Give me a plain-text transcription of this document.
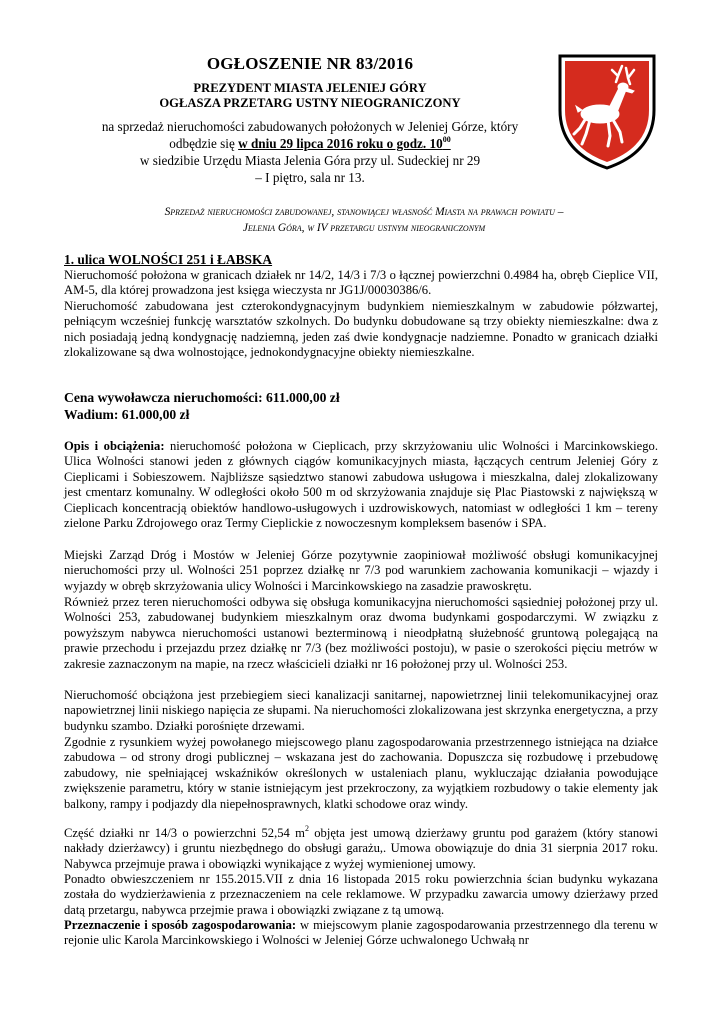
OGŁOSZENIE NR 83/2016
PREZYDENT MIASTA JELENIEJ GÓRY
OGŁASZA PRZETARG USTNY NIEOGRANICZONY
na sprzedaż nieruchomości zabudowanych położonych w Jeleniej Górze, który
odbędzie się w dniu 29 lipca 2016 roku o godz. $10^{00}$
w siedzibie Urzędu Miasta Jelenia Góra przy ul. Sudeckiej nr 29
– I piętro, sala nr 13.
Sprzedaż nieruchomości zabudowanej, stanowiącej własność Miasta na prawach powiatu –
Jelenia Góra, w IV przetargu ustnym nieograniczonym
1. ulica WOLNOŚCI 251 i ŁABSKA
Nieruchomość położona w granicach działek nr 14/2, 14/3 i 7/3 o łącznej powierzchni 0.4984 ha, obręb Cieplice VII, AM-5, dla której prowadzona jest księga wieczysta nr JG1J/00030386/6.
Nieruchomość zabudowana jest czterokondygnacyjnym budynkiem niemieszkalnym w zabudowie półzwartej, pełniącym wcześniej funkcję warsztatów szkolnych. Do budynku dobudowane są trzy obiekty niemieszkalne: dwa z nich posiadają jedną kondygnację nadziemną, jeden zaś dwie kondygnacje nadziemne. Ponadto w granicach działki zlokalizowane są dwa wolnostojące, jednokondygnacyjne obiekty niemieszkalne.
Cena wywoławcza nieruchomości: 611.000,00 zł
Wadium: 61.000,00 zł
Opis i obciążenia: nieruchomość położona w Cieplicach, przy skrzyżowaniu ulic Wolności i Marcinkowskiego. Ulica Wolności stanowi jeden z głównych ciągów komunikacyjnych miasta, łączących centrum Jeleniej Góry z Cieplicami i Sobieszowem. Najbliższe sąsiedztwo stanowi zabudowa usługowa i mieszkalna, dalej zlokalizowany jest cmentarz komunalny. W odległości około 500 m od skrzyżowania znajduje się Plac Piastowski z największą w Cieplicach koncentracją obiektów handlowo-usługowych i uzdrowiskowych, natomiast w odległości 1 km – tereny zielone Parku Zdrojowego oraz Termy Cieplickie z nowoczesnym kompleksem basenów i SPA.
Miejski Zarząd Dróg i Mostów w Jeleniej Górze pozytywnie zaopiniował możliwość obsługi komunikacyjnej nieruchomości przy ul. Wolności 251 poprzez działkę nr 7/3 pod warunkiem zachowania komunikacji – wjazdy i wyjazdy w obręb skrzyżowania ulicy Wolności i Marcinkowskiego na zasadzie prawoskrętu.
Również przez teren nieruchomości odbywa się obsługa komunikacyjna nieruchomości sąsiedniej położonej przy ul. Wolności 253, zabudowanej budynkiem mieszkalnym oraz dwoma budynkami gospodarczymi. W związku z powyższym nabywca nieruchomości ustanowi bezterminową i nieodpłatną służebność gruntową polegającą na prawie przechodu i przejazdu przez działkę nr 7/3 (bez możliwości postoju), w pasie o szerokości pięciu metrów w zakresie zaznaczonym na mapie, na rzecz właścicieli działki nr 16 położonej przy ul. Wolności 253.
Nieruchomość obciążona jest przebiegiem sieci kanalizacji sanitarnej, napowietrznej linii telekomunikacyjnej oraz napowietrznej linii niskiego napięcia ze słupami. Na nieruchomości zlokalizowana jest skrzynka energetyczna, a przy budynku szambo. Działki porośnięte drzewami.
Zgodnie z rysunkiem wyżej powołanego miejscowego planu zagospodarowania przestrzennego istniejąca na działce zabudowa – od strony drogi publicznej – wskazana jest do zachowania. Dopuszcza się rozbudowę i przebudowę zabudowy, nie spełniającej wskaźników określonych w ustaleniach planu, wykluczając działania powodujące zwiększenie parametru, który w stanie istniejącym jest przekroczony, za wyjątkiem rozbudowy o takie elementy jak balkony, rampy i podjazdy dla niepełnosprawnych, klatki schodowe oraz windy.
Część działki nr 14/3 o powierzchni 52,54 $m^2$ objęta jest umową dzierżawy gruntu pod garażem (który stanowi nakłady dzierżawcy) i gruntu niezbędnego do obsługi garażu,. Umowa obowiązuje do dnia 31 sierpnia 2017 roku. Nabywca przejmuje prawa i obowiązki wynikające z wyżej wymienionej umowy.
Ponadto obwieszczeniem nr 155.2015.VII z dnia 16 listopada 2015 roku powierzchnia ścian budynku wykazana została do wydzierżawienia z przeznaczeniem na cele reklamowe. W przypadku zawarcia umowy dzierżawy przed datą przetargu, nabywca przejmie prawa i obowiązki związane z tą umową.
Przeznaczenie i sposób zagospodarowania: w miejscowym planie zagospodarowania przestrzennego dla terenu w rejonie ulic Karola Marcinkowskiego i Wolności w Jeleniej Górze uchwalonego Uchwałą nr
